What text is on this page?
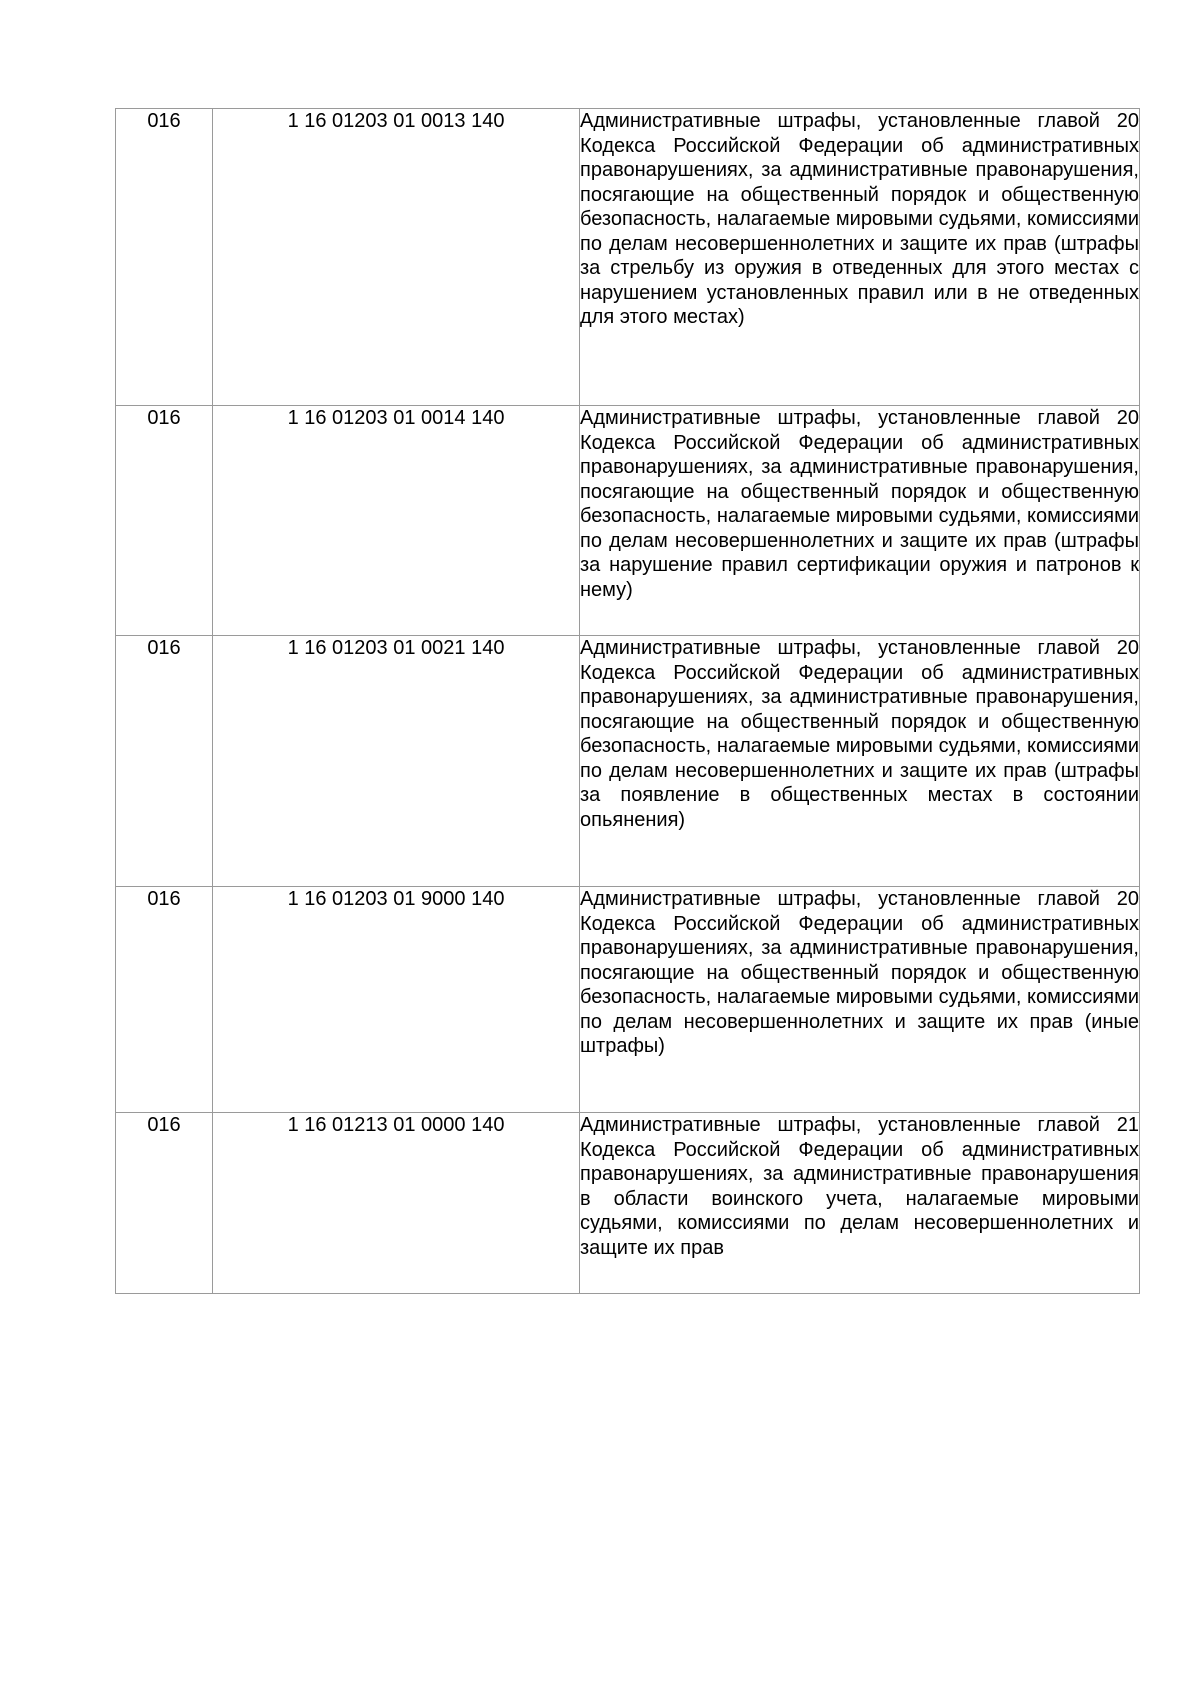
016	1 16 01203 01 0013 140	Административные штрафы, установленные главой 20 Кодекса Российской Федерации об административных правонарушениях, за административные правонарушения, посягающие на общественный порядок и общественную безопасность, налагаемые мировыми судьями, комиссиями по делам несовершеннолетних и защите их прав (штрафы за стрельбу из оружия в отведенных для этого местах с нарушением установленных правил или в не отведенных для этого местах)

016	1 16 01203 01 0014 140	Административные штрафы, установленные главой 20 Кодекса Российской Федерации об административных правонарушениях, за административные правонарушения, посягающие на общественный порядок и общественную безопасность, налагаемые мировыми судьями, комиссиями по делам несовершеннолетних и защите их прав (штрафы за нарушение правил сертификации оружия и патронов к нему)

016	1 16 01203 01 0021 140	Административные штрафы, установленные главой 20 Кодекса Российской Федерации об административных правонарушениях, за административные правонарушения, посягающие на общественный порядок и общественную безопасность, налагаемые мировыми судьями, комиссиями по делам несовершеннолетних и защите их прав (штрафы за появление в общественных местах в состоянии опьянения)

016	1 16 01203 01 9000 140	Административные штрафы, установленные главой 20 Кодекса Российской Федерации об административных правонарушениях, за административные правонарушения, посягающие на общественный порядок и общественную безопасность, налагаемые мировыми судьями, комиссиями по делам несовершеннолетних и защите их прав (иные штрафы)

016	1 16 01213 01 0000 140	Административные штрафы, установленные главой 21 Кодекса Российской Федерации об административных правонарушениях, за административные правонарушения в области воинского учета, налагаемые мировыми судьями, комиссиями по делам несовершеннолетних и защите их прав
